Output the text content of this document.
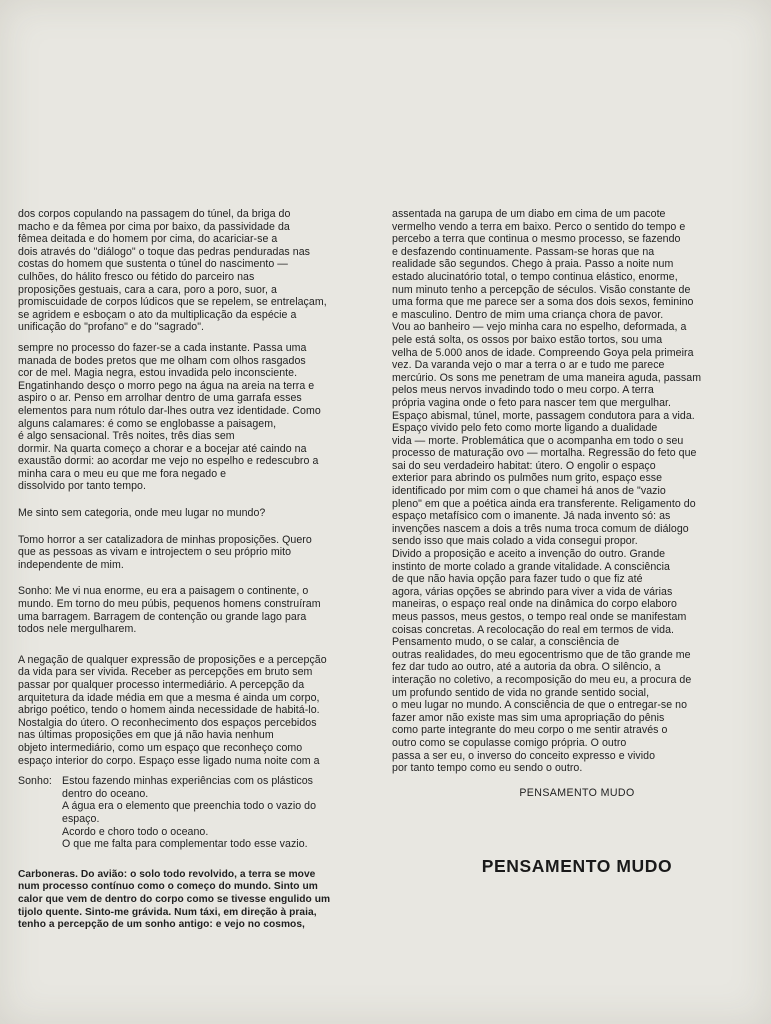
dos corpos copulando na passagem do túnel, da briga do
macho e da fêmea por cima por baixo, da passividade da
fêmea deitada e do homem por cima, do acariciar-se a
dois através do "diálogo" o toque das pedras penduradas nas
costas do homem que sustenta o túnel do nascimento —
culhões, do hálito fresco ou fétido do parceiro nas
proposições gestuais, cara a cara, poro a poro, suor, a
promiscuidade de corpos lúdicos que se repelem, se entrelaçam,
se agridem e esboçam o ato da multiplicação da espécie a
unificação do "profano" e do "sagrado".

sempre no processo do fazer-se a cada instante. Passa uma
manada de bodes pretos que me olham com olhos rasgados
cor de mel. Magia negra, estou invadida pelo inconsciente.
Engatinhando desço o morro pego na água na areia na terra e
aspiro o ar. Penso em arrolhar dentro de uma garrafa esses
elementos para num rótulo dar-lhes outra vez identidade. Como
alguns calamares: é como se englobasse a paisagem,
é algo sensacional. Três noites, três dias sem
dormir. Na quarta começo a chorar e a bocejar até caindo na
exaustão dormi: ao acordar me vejo no espelho e redescubro a
minha cara o meu eu que me fora negado e
dissolvido por tanto tempo.

Me sinto sem categoria, onde meu lugar no mundo?

Tomo horror a ser catalizadora de minhas proposições. Quero
que as pessoas as vivam e introjectem o seu próprio mito
independente de mim.

Sonho: Me vi nua enorme, eu era a paisagem o continente, o
mundo. Em torno do meu púbis, pequenos homens construíram
uma barragem. Barragem de contenção ou grande lago para
todos nele mergulharem.

A negação de qualquer expressão de proposições e a percepção
da vida para ser vivida. Receber as percepções em bruto sem
passar por qualquer processo intermediário. A percepção da
arquitetura da idade média em que a mesma é ainda um corpo,
abrigo poético, tendo o homem ainda necessidade de habitá-lo.
Nostalgia do útero. O reconhecimento dos espaços percebidos
nas últimas proposições em que já não havia nenhum
objeto intermediário, como um espaço que reconheço como
espaço interior do corpo. Espaço esse ligado numa noite com a

Sonho: Estou fazendo minhas experiências com os plásticos
dentro do oceano.
A água era o elemento que preenchia todo o vazio do
espaço.
Acordo e choro todo o oceano.
O que me falta para complementar todo esse vazio.

Carboneras. Do avião: o solo todo revolvido, a terra se move
num processo contínuo como o começo do mundo. Sinto um
calor que vem de dentro do corpo como se tivesse engulido um
tijolo quente. Sinto-me grávida. Num táxi, em direção à praia,
tenho a percepção de um sonho antigo: e vejo no cosmos,

assentada na garupa de um diabo em cima de um pacote
vermelho vendo a terra em baixo. Perco o sentido do tempo e
percebo a terra que continua o mesmo processo, se fazendo
e desfazendo continuamente. Passam-se horas que na
realidade são segundos. Chego à praia. Passo a noite num
estado alucinatório total, o tempo continua elástico, enorme,
num minuto tenho a percepção de séculos. Visão constante de
uma forma que me parece ser a soma dos dois sexos, feminino
e masculino. Dentro de mim uma criança chora de pavor.
Vou ao banheiro — vejo minha cara no espelho, deformada, a
pele está solta, os ossos por baixo estão tortos, sou uma
velha de 5.000 anos de idade. Compreendo Goya pela primeira
vez. Da varanda vejo o mar a terra o ar e tudo me parece
mercúrio. Os sons me penetram de uma maneira aguda, passam
pelos meus nervos invadindo todo o meu corpo. A terra
própria vagina onde o feto para nascer tem que mergulhar.
Espaço abismal, túnel, morte, passagem condutora para a vida.
Espaço vivido pelo feto como morte ligando a dualidade
vida — morte. Problemática que o acompanha em todo o seu
processo de maturação ovo — mortalha. Regressão do feto que
sai do seu verdadeiro habitat: útero. O engolir o espaço
exterior para abrindo os pulmões num grito, espaço esse
identificado por mim com o que chamei há anos de "vazio
pleno" em que a poética ainda era transferente. Religamento do
espaço metafísico com o imanente. Já nada invento só: as
invenções nascem a dois a três numa troca comum de diálogo
sendo isso que mais colado a vida consegui propor.
Divido a proposição e aceito a invenção do outro. Grande
instinto de morte colado a grande vitalidade. A consciência
de que não havia opção para fazer tudo o que fiz até
agora, várias opções se abrindo para viver a vida de várias
maneiras, o espaço real onde na dinâmica do corpo elaboro
meus passos, meus gestos, o tempo real onde se manifestam
coisas concretas. A recolocação do real em termos de vida.
Pensamento mudo, o se calar, a consciência de
outras realidades, do meu egocentrismo que de tão grande me
fez dar tudo ao outro, até a autoria da obra. O silêncio, a
interação no coletivo, a recomposição do meu eu, a procura de
um profundo sentido de vida no grande sentido social,
o meu lugar no mundo. A consciência de que o entregar-se no
fazer amor não existe mas sim uma apropriação do pênis
como parte integrante do meu corpo o me sentir através o
outro como se copulasse comigo própria. O outro
passa a ser eu, o inverso do conceito expresso e vivido
por tanto tempo como eu sendo o outro.

PENSAMENTO MUDO
PENSAMENTO MUDO
